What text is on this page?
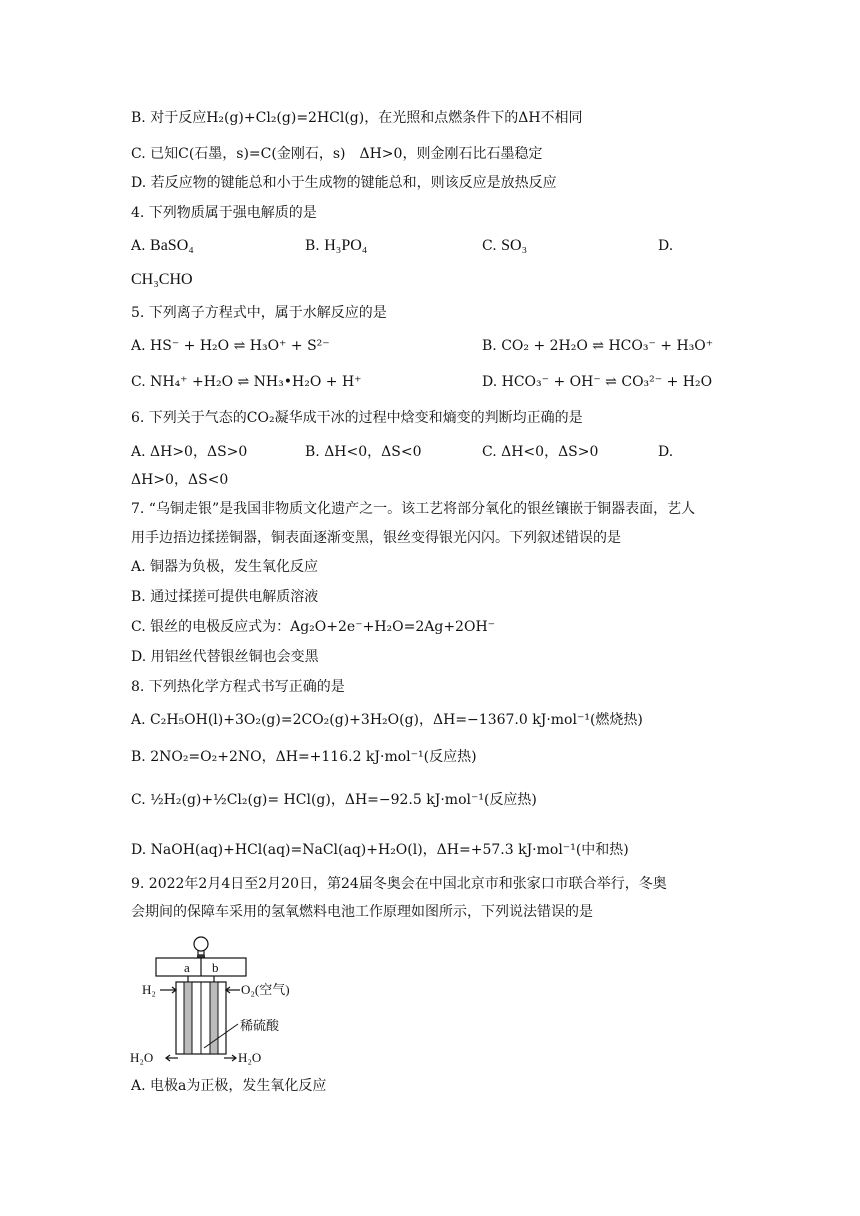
B. 对于反应H₂(g)+Cl₂(g)=2HCl(g)，在光照和点燃条件下的ΔH不相同
C. 已知C(石墨，s)=C(金刚石，s)　ΔH>0，则金刚石比石墨稳定
D. 若反应物的键能总和小于生成物的键能总和，则该反应是放热反应
4. 下列物质属于强电解质的是
A. BaSO₄	B. H₃PO₄	C. SO₃	D.
CH₃CHO
5. 下列离子方程式中，属于水解反应的是
A. HS⁻ + H₂O ⇌ H₃O⁺ + S²⁻	B. CO₂ + 2H₂O ⇌ HCO₃⁻ + H₃O⁺
C. NH₄⁺ +H₂O ⇌ NH₃•H₂O + H⁺	D. HCO₃⁻ + OH⁻ ⇌ CO₃²⁻ + H₂O
6. 下列关于气态的CO₂凝华成干冰的过程中焓变和熵变的判断均正确的是
A. ΔH>0，ΔS>0	B. ΔH<0，ΔS<0	C. ΔH<0，ΔS>0	D.
ΔH>0，ΔS<0
7. “乌铜走银”是我国非物质文化遗产之一。该工艺将部分氧化的银丝镶嵌于铜器表面，艺人
用手边捂边揉搓铜器，铜表面逐渐变黑，银丝变得银光闪闪。下列叙述错误的是
A. 铜器为负极，发生氧化反应
B. 通过揉搓可提供电解质溶液
C. 银丝的电极反应式为：Ag₂O+2e⁻+H₂O=2Ag+2OH⁻
D. 用铝丝代替银丝铜也会变黑
8. 下列热化学方程式书写正确的是
A. C₂H₅OH(l)+3O₂(g)=2CO₂(g)+3H₂O(g)，ΔH=−1367.0 kJ·mol⁻¹(燃烧热)
B. 2NO₂=O₂+2NO，ΔH=+116.2 kJ·mol⁻¹(反应热)
C. ½H₂(g)+½Cl₂(g)= HCl(g)，ΔH=−92.5 kJ·mol⁻¹(反应热)
D. NaOH(aq)+HCl(aq)=NaCl(aq)+H₂O(l)，ΔH=+57.3 kJ·mol⁻¹(中和热)
9. 2022年2月4日至2月20日，第24届冬奥会在中国北京市和张家口市联合举行，冬奥
会期间的保障车采用的氢氧燃料电池工作原理如图所示，下列说法错误的是
a b
H₂	O₂(空气)
稀硫酸
H₂O	H₂O
A. 电极a为正极，发生氧化反应
